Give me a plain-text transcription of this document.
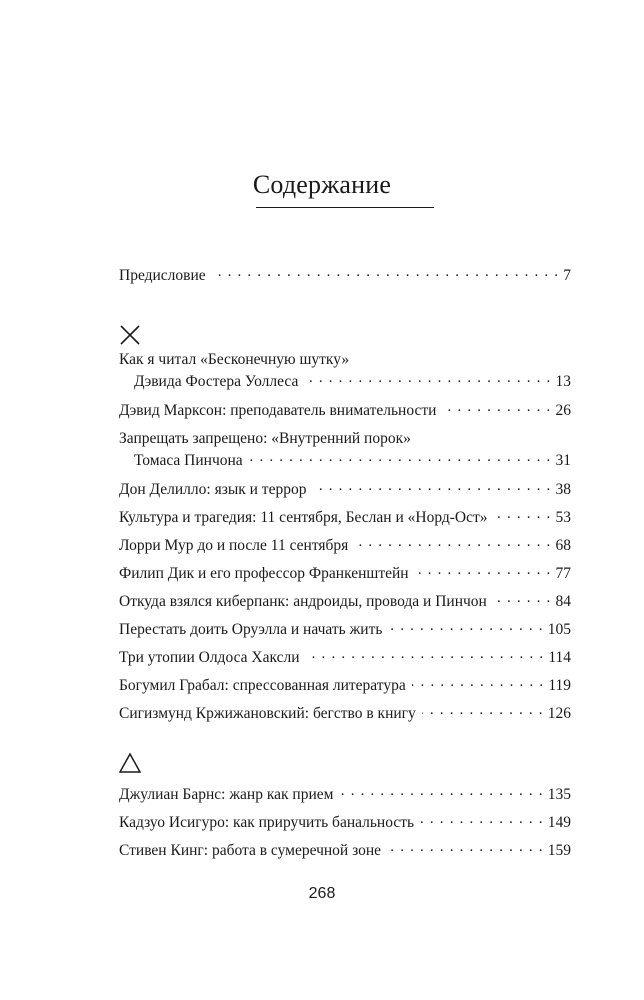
Содержание
Предисловие . . .	7
Как я читал «Бесконечную шутку»
Дэвида Фостера Уоллеса . . .	13
Дэвид Марксон: преподаватель внимательности . . .	26
Запрещать запрещено: «Внутренний порок»
Томаса Пинчона . . .	31
Дон Делилло: язык и террор . . .	38
Культура и трагедия: 11 сентября, Беслан и «Норд-Ост» . . .	53
Лорри Мур до и после 11 сентября . . .	68
Филип Дик и его профессор Франкенштейн . . .	77
Откуда взялся киберпанк: андроиды, провода и Пинчон . . .	84
Перестать доить Оруэлла и начать жить . . .	105
Три утопии Олдоса Хаксли . . .	114
Богумил Грабал: спрессованная литература . . .	119
Сигизмунд Кржижановский: бегство в книгу . . .	126
Джулиан Барнс: жанр как прием . . .	135
Кадзуо Исигуро: как приручить банальность . . .	149
Стивен Кинг: работа в сумеречной зоне . . .	159
268
